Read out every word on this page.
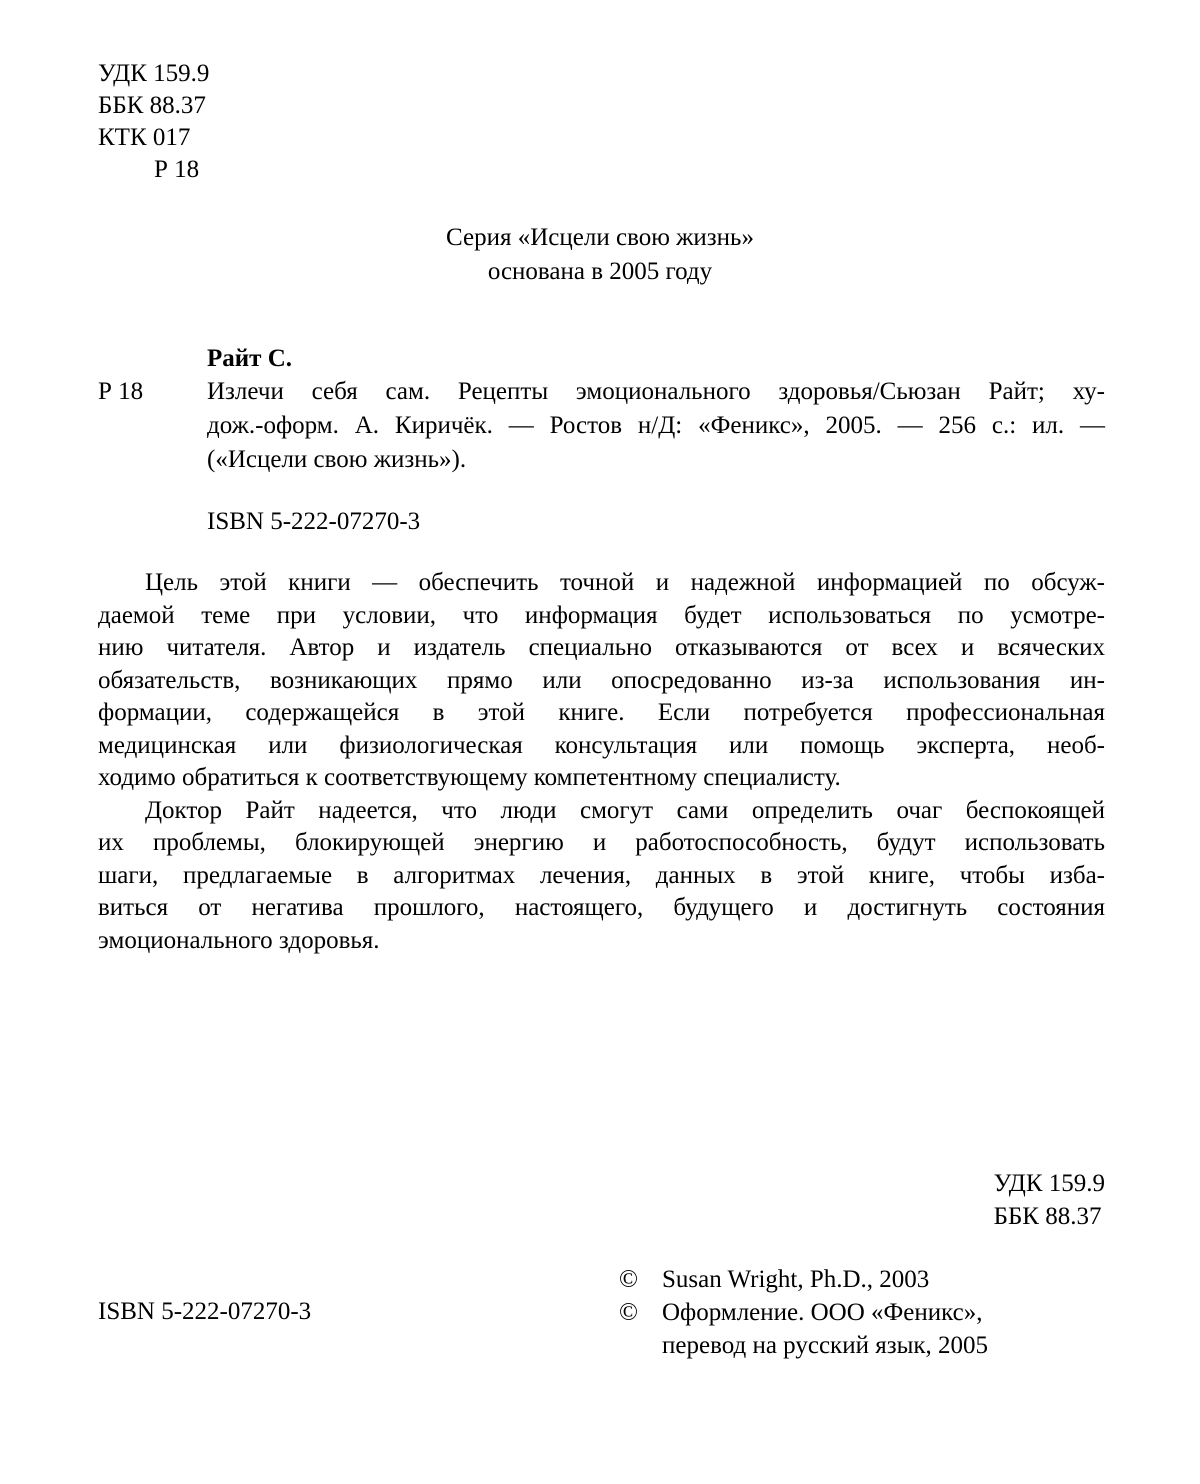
УДК 159.9
ББК 88.37
КТК 017
Р 18
Серия «Исцели свою жизнь»
основана в 2005 году
Райт С.
Р 18	Излечи себя сам. Рецепты эмоционального здоровья/Сьюзан Райт; ху-
дож.-оформ. А. Киричёк. — Ростов н/Д: «Феникс», 2005. — 256 с.: ил. —
(«Исцели свою жизнь»).
ISBN 5-222-07270-3
Цель этой книги — обеспечить точной и надежной информацией по обсуж-
даемой теме при условии, что информация будет использоваться по усмотре-
нию читателя. Автор и издатель специально отказываются от всех и всяческих
обязательств, возникающих прямо или опосредованно из-за использования ин-
формации, содержащейся в этой книге. Если потребуется профессиональная
медицинская или физиологическая консультация или помощь эксперта, необ-
ходимо обратиться к соответствующему компетентному специалисту.
Доктор Райт надеется, что люди смогут сами определить очаг беспокоящей
их проблемы, блокирующей энергию и работоспособность, будут использовать
шаги, предлагаемые в алгоритмах лечения, данных в этой книге, чтобы изба-
виться от негатива прошлого, настоящего, будущего и достигнуть состояния
эмоционального здоровья.
УДК 159.9
ББК 88.37
ISBN 5-222-07270-3
© Susan Wright, Ph.D., 2003
© Оформление. ООО «Феникс»,
перевод на русский язык, 2005
